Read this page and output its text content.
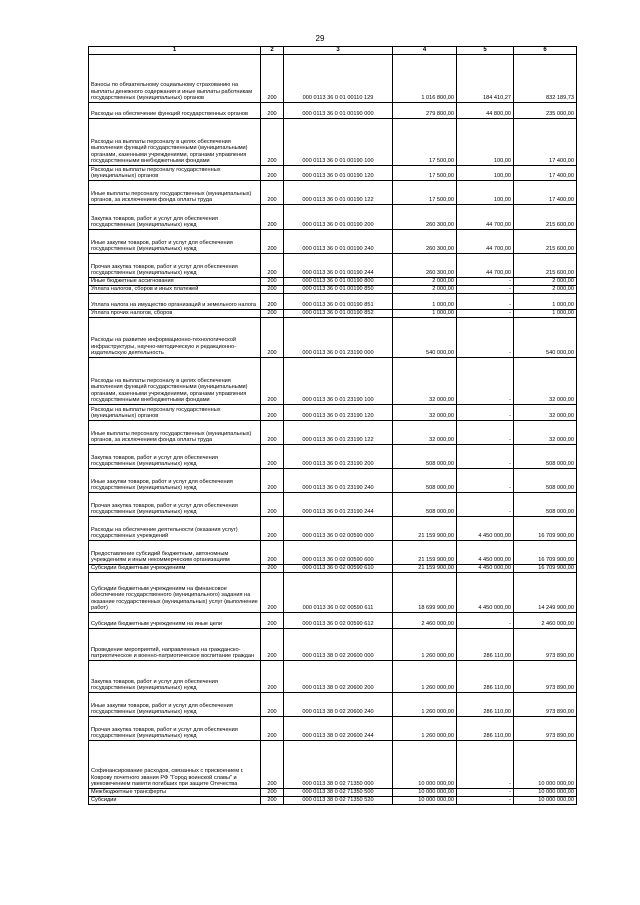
29
1	2	3	4	5	6
Взносы по обязательному социальному страхованию на выплаты денежного содержания и иные выплаты работникам государственных (муниципальных) органов	200	000 0113 36 0 01 00110 129	1 016 800,00	184 410,27	832 189,73
Расходы на обеспечение функций государственных органов	200	000 0113 36 0 01 00190 000	279 800,00	44 800,00	235 000,00
Расходы на выплаты персоналу в целях обеспечения выполнения функций государственными (муниципальными) органами, казенными учреждениями, органами управления государственными внебюджетными фондами	200	000 0113 36 0 01 00190 100	17 500,00	100,00	17 400,00
Расходы на выплаты персоналу государственных (муниципальных) органов	200	000 0113 36 0 01 00190 120	17 500,00	100,00	17 400,00
Иные выплаты персоналу государственных (муниципальных) органов, за исключением фонда оплаты труда	200	000 0113 36 0 01 00190 122	17 500,00	100,00	17 400,00
Закупка товаров, работ и услуг для обеспечения государственных (муниципальных) нужд	200	000 0113 36 0 01 00190 200	260 300,00	44 700,00	215 600,00
Иные закупки товаров, работ и услуг для обеспечения государственных (муниципальных) нужд	200	000 0113 36 0 01 00190 240	260 300,00	44 700,00	215 600,00
Прочая закупка товаров, работ и услуг для обеспечения государственных (муниципальных) нужд	200	000 0113 36 0 01 00190 244	260 300,00	44 700,00	215 600,00
Иные бюджетные ассигнования	200	000 0113 36 0 01 00190 800	2 000,00	-	2 000,00
Уплата налогов, сборов и иных платежей	200	000 0113 36 0 01 00190 850	2 000,00	-	2 000,00
Уплата налога на имущество организаций и земельного налога	200	000 0113 36 0 01 00190 851	1 000,00	-	1 000,00
Уплата прочих налогов, сборов	200	000 0113 36 0 01 00190 852	1 000,00	-	1 000,00
Расходы на развитие информационно-технологической инфраструктуры, научно-методическую и редакционно-издательскую деятельность	200	000 0113 36 0 01 23190 000	540 000,00	-	540 000,00
Расходы на выплаты персоналу в целях обеспечения выполнения функций государственными (муниципальными) органами, казенными учреждениями, органами управления государственными внебюджетными фондами	200	000 0113 36 0 01 23190 100	32 000,00	-	32 000,00
Расходы на выплаты персоналу государственных (муниципальных) органов	200	000 0113 36 0 01 23190 120	32 000,00	-	32 000,00
Иные выплаты персоналу государственных (муниципальных) органов, за исключением фонда оплаты труда	200	000 0113 36 0 01 23190 122	32 000,00	-	32 000,00
Закупка товаров, работ и услуг для обеспечения государственных (муниципальных) нужд	200	000 0113 36 0 01 23190 200	508 000,00	-	508 000,00
Иные закупки товаров, работ и услуг для обеспечения государственных (муниципальных) нужд	200	000 0113 36 0 01 23190 240	508 000,00	-	508 000,00
Прочая закупка товаров, работ и услуг для обеспечения государственных (муниципальных) нужд	200	000 0113 36 0 01 23190 244	508 000,00	-	508 000,00
Расходы на обеспечение деятельности (оказания услуг) государственных учреждений	200	000 0113 36 0 02 00590 000	21 159 900,00	4 450 000,00	16 709 900,00
Предоставление субсидий бюджетным, автономным учреждениям и иным некоммерческим организациям	200	000 0113 36 0 02 00590 600	21 159 900,00	4 450 000,00	16 709 900,00
Субсидии бюджетным учреждениям	200	000 0113 36 0 02 00590 610	21 159 900,00	4 450 000,00	16 709 900,00
Субсидии бюджетным учреждениям на финансовое обеспечение государственного (муниципального) задания на оказание государственных (муниципальных) услуг (выполнение работ)	200	000 0113 36 0 02 00590 611	18 699 900,00	4 450 000,00	14 249 900,00
Субсидии бюджетным учреждениям на иные цели	200	000 0113 36 0 02 00590 612	2 460 000,00	-	2 460 000,00
Проведение мероприятий, направленных на гражданско-патриотическое и военно-патриотическое воспитание граждан	200	000 0113 38 0 02 20600 000	1 260 000,00	286 110,00	973 890,00
Закупка товаров, работ и услуг для обеспечения государственных (муниципальных) нужд	200	000 0113 38 0 02 20600 200	1 260 000,00	286 110,00	973 890,00
Иные закупки товаров, работ и услуг для обеспечения государственных (муниципальных) нужд	200	000 0113 38 0 02 20600 240	1 260 000,00	286 110,00	973 890,00
Прочая закупка товаров, работ и услуг для обеспечения государственных (муниципальных) нужд	200	000 0113 38 0 02 20600 244	1 260 000,00	286 110,00	973 890,00
Софинансирование расходов, связанных с присвоением г. Коврову почетного звания РФ "Город воинской славы" и увековечением памяти погибших при защите Отечества	200	000 0113 38 0 02 71350 000	10 000 000,00	-	10 000 000,00
Межбюджетные трансферты	200	000 0113 38 0 02 71350 500	10 000 000,00	-	10 000 000,00
Субсидии	200	000 0113 38 0 02 71350 520	10 000 000,00	-	10 000 000,00
